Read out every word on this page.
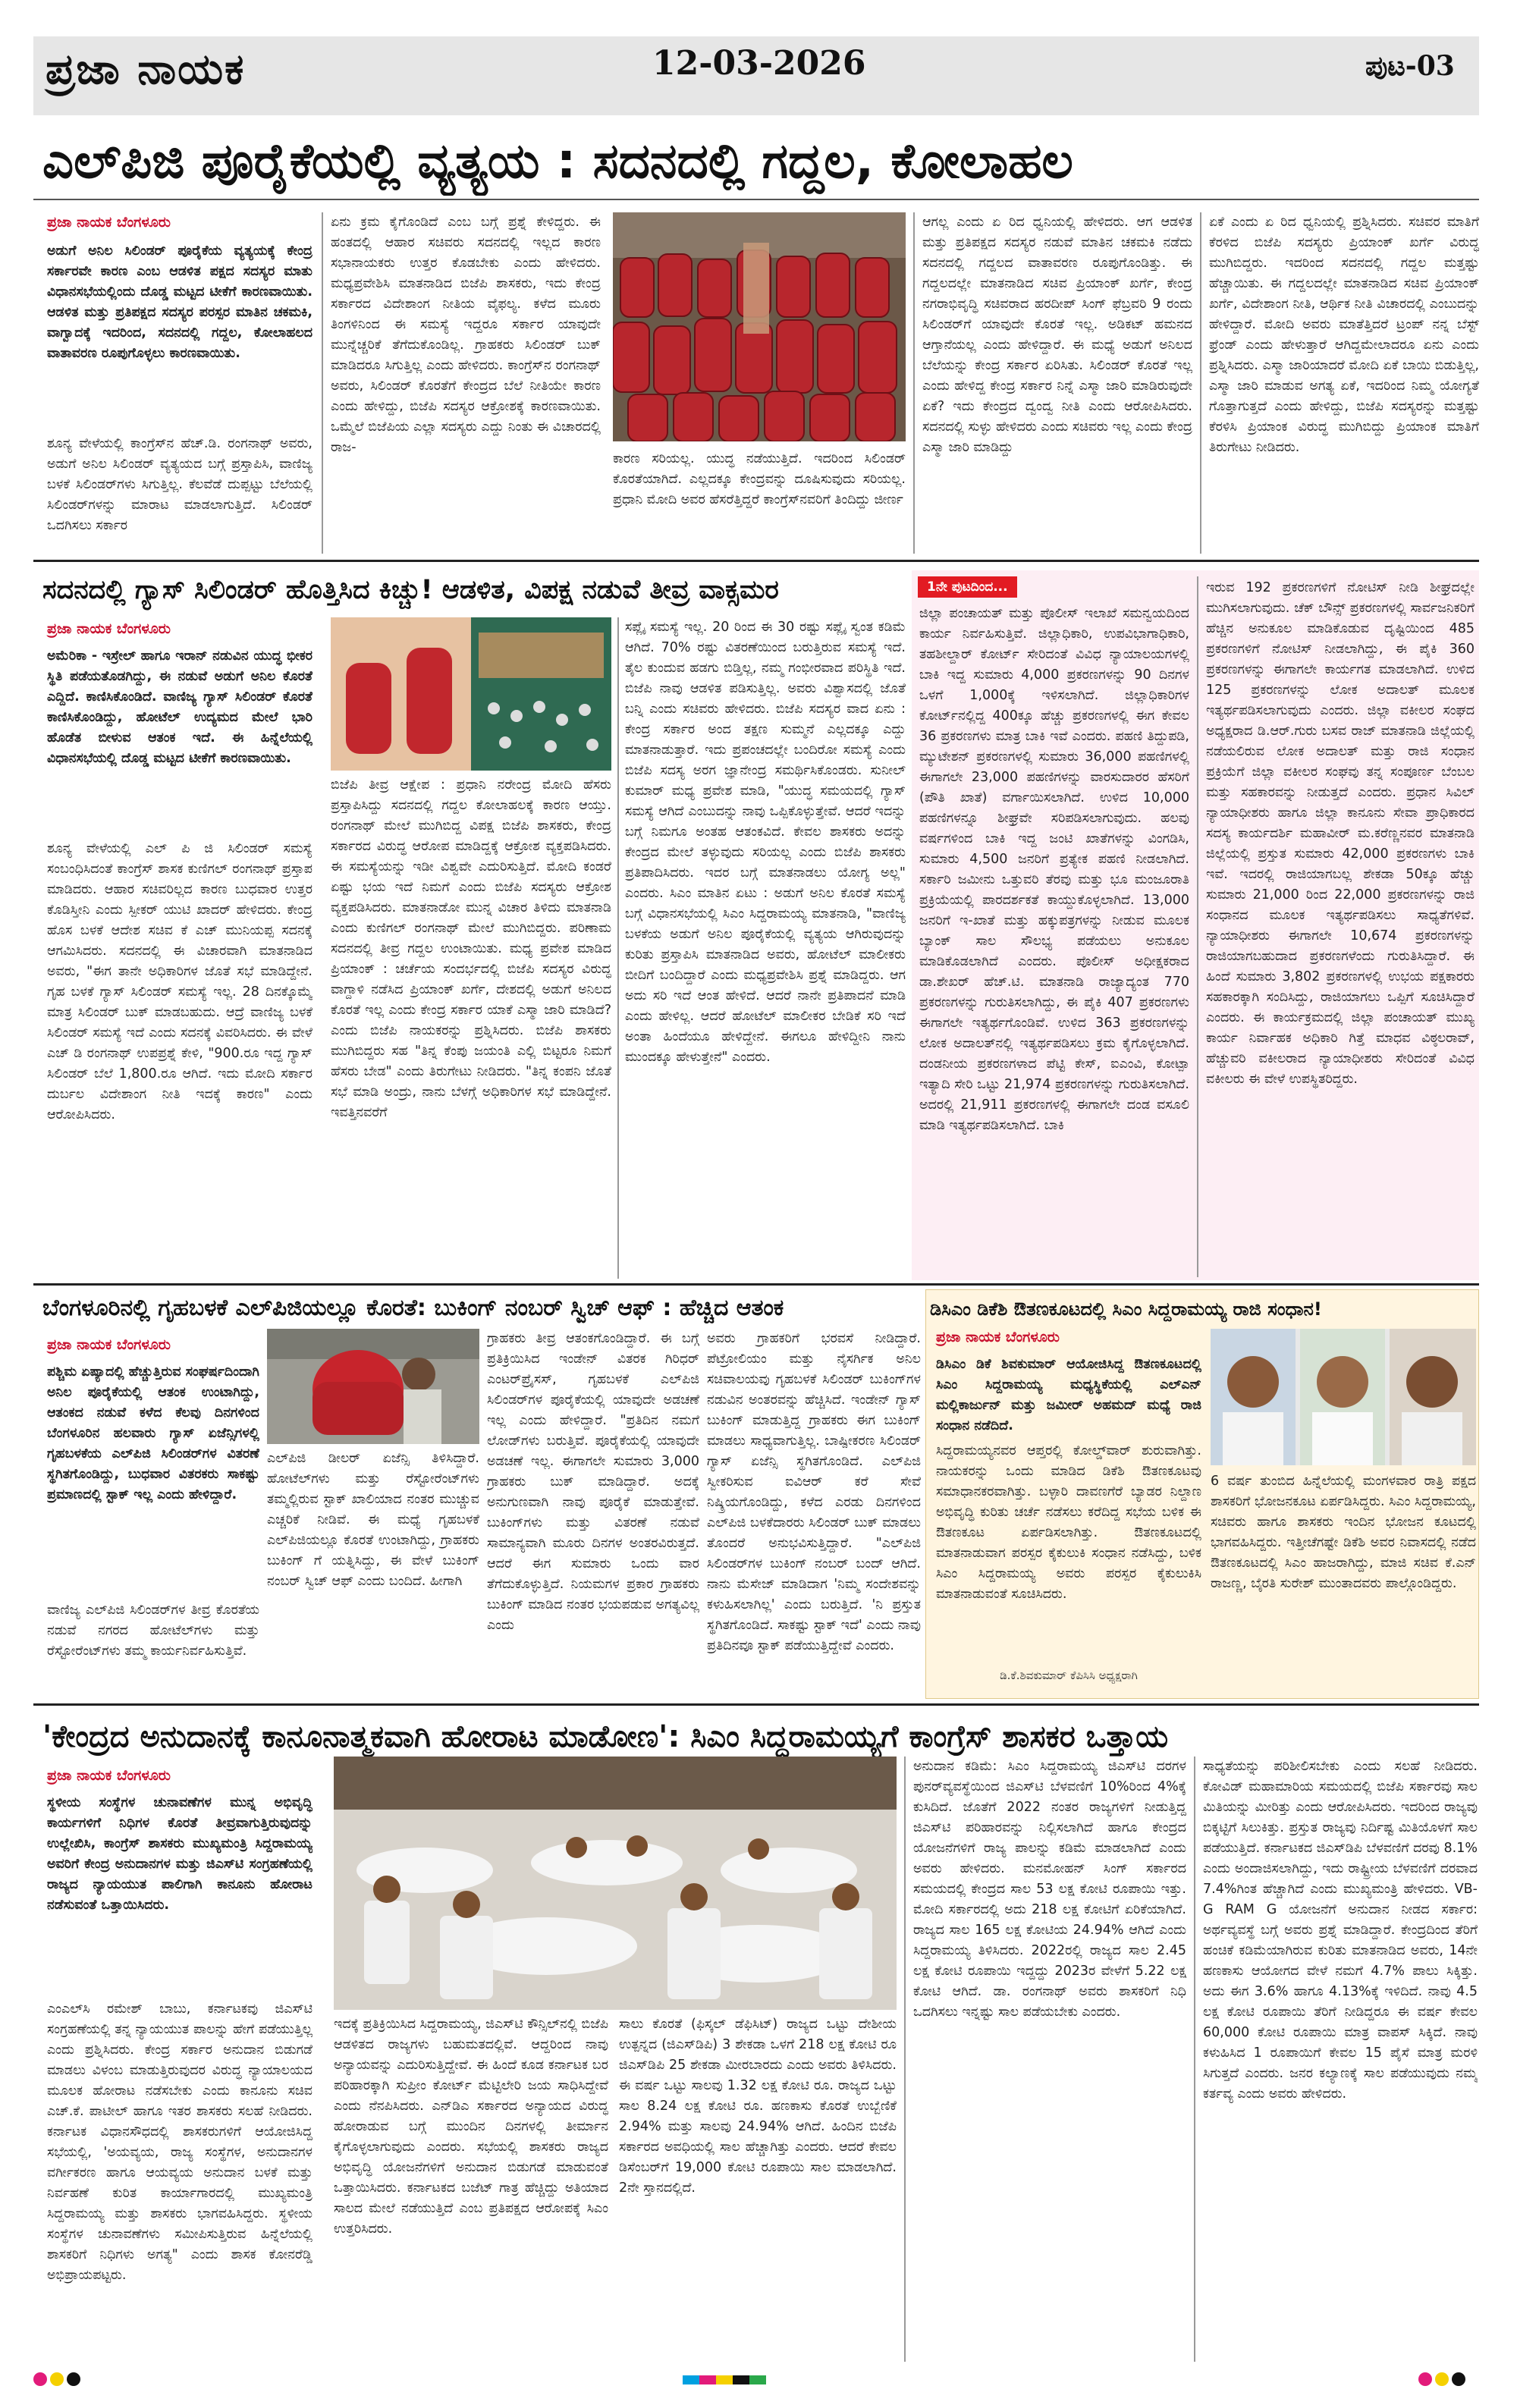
ಪ್ರಜಾ ನಾಯಕ	12-03-2026	ಪುಟ-03
ಎಲ್‌ಪಿಜಿ ಪೂರೈಕೆಯಲ್ಲಿ ವ್ಯತ್ಯಯ : ಸದನದಲ್ಲಿ ಗದ್ದಲ, ಕೋಲಾಹಲ
ಪ್ರಜಾ ನಾಯಕ ಬೆಂಗಳೂರು
ಅಡುಗೆ ಅನಿಲ ಸಿಲಿಂಡರ್ ಪೂರೈಕೆಯ ವ್ಯತ್ಯಯಕ್ಕೆ ಕೇಂದ್ರ ಸರ್ಕಾರವೇ ಕಾರಣ ಎಂಬ ಆಡಳಿತ ಪಕ್ಷದ ಸದಸ್ಯರ ಮಾತು ವಿಧಾನಸಭೆಯಲ್ಲಿಂದು ದೊಡ್ಡ ಮಟ್ಟದ ಟೀಕೆಗೆ ಕಾರಣವಾಯಿತು. ಆಡಳಿತ ಮತ್ತು ಪ್ರತಿಪಕ್ಷದ ಸದಸ್ಯರ ಪರಸ್ಪರ ಮಾತಿನ ಚಕಮಕಿ, ವಾಗ್ವಾದಕ್ಕೆ ಇದರಿಂದ, ಸದನದಲ್ಲಿ ಗದ್ದಲ, ಕೋಲಾಹಲದ ವಾತಾವರಣ ರೂಪುಗೊಳ್ಳಲು ಕಾರಣವಾಯಿತು.
ಶೂನ್ಯ ವೇಳೆಯಲ್ಲಿ ಕಾಂಗ್ರೆಸ್‌ನ ಹೆಚ್.ಡಿ. ರಂಗನಾಥ್ ಅವರು, ಅಡುಗೆ ಅನಿಲ ಸಿಲಿಂಡರ್ ವ್ಯತ್ಯಯದ ಬಗ್ಗೆ ಪ್ರಸ್ತಾಪಿಸಿ, ವಾಣಿಜ್ಯ ಬಳಕೆ ಸಿಲಿಂಡರ್‌ಗಳು ಸಿಗುತ್ತಿಲ್ಲ. ಕೆಲವೆಡೆ ದುಪ್ಪಟ್ಟು ಬೆಲೆಯಲ್ಲಿ ಸಿಲಿಂಡರ್‌ಗಳನ್ನು ಮಾರಾಟ ಮಾಡಲಾಗುತ್ತಿದೆ. ಸಿಲಿಂಡರ್ ಒದಗಿಸಲು ಸರ್ಕಾರ
ಏನು ಕ್ರಮ ಕೈಗೊಂಡಿದೆ ಎಂಬ ಬಗ್ಗೆ ಪ್ರಶ್ನೆ ಕೇಳಿದ್ದರು. ಈ ಹಂತದಲ್ಲಿ ಆಹಾರ ಸಚಿವರು ಸದನದಲ್ಲಿ ಇಲ್ಲದ ಕಾರಣ ಸಭಾನಾಯಕರು ಉತ್ತರ ಕೊಡಬೇಕು ಎಂದು ಹೇಳಿದರು. ಮಧ್ಯಪ್ರವೇಶಿಸಿ ಮಾತನಾಡಿದ ಬಿಜೆಪಿ ಶಾಸಕರು, ಇದು ಕೇಂದ್ರ ಸರ್ಕಾರದ ವಿದೇಶಾಂಗ ನೀತಿಯ ವೈಫಲ್ಯ. ಕಳೆದ ಮೂರು ತಿಂಗಳಿನಿಂದ ಈ ಸಮಸ್ಯೆ ಇದ್ದರೂ ಸರ್ಕಾರ ಯಾವುದೇ ಮುನ್ನೆಚ್ಚರಿಕೆ ತೆಗೆದುಕೊಂಡಿಲ್ಲ. ಗ್ರಾಹಕರು ಸಿಲಿಂಡರ್ ಬುಕ್ ಮಾಡಿದರೂ ಸಿಗುತ್ತಿಲ್ಲ ಎಂದು ಹೇಳಿದರು. ಕಾಂಗ್ರೆಸ್‌ನ ರಂಗನಾಥ್ ಅವರು, ಸಿಲಿಂಡರ್ ಕೊರತೆಗೆ ಕೇಂದ್ರದ ಬೆಲೆ ನೀತಿಯೇ ಕಾರಣ ಎಂದು ಹೇಳಿದ್ದು, ಬಿಜೆಪಿ ಸದಸ್ಯರ ಆಕ್ರೋಶಕ್ಕೆ ಕಾರಣವಾಯಿತು. ಒಮ್ಮೆಲೆ ಬಿಜೆಪಿಯ ಎಲ್ಲಾ ಸದಸ್ಯರು ಎದ್ದು ನಿಂತು ಈ ವಿಚಾರದಲ್ಲಿ ರಾಜ-
ಕಾರಣ ಸರಿಯಲ್ಲ. ಯುದ್ಧ ನಡೆಯುತ್ತಿದೆ. ಇದರಿಂದ ಸಿಲಿಂಡರ್ ಕೊರತೆಯಾಗಿದೆ. ಎಲ್ಲದಕ್ಕೂ ಕೇಂದ್ರವನ್ನು ದೂಷಿಸುವುದು ಸರಿಯಲ್ಲ. ಪ್ರಧಾನಿ ಮೋದಿ ಅವರ ಹೆಸರೆತ್ತಿದ್ದರೆ ಕಾಂಗ್ರೆಸ್‌ನವರಿಗೆ ತಿಂದಿದ್ದು ಜೀರ್ಣ
ಆಗಲ್ಲ ಎಂದು ಏ ರಿದ ಧ್ವನಿಯಲ್ಲಿ ಹೇಳಿದರು. ಆಗ ಆಡಳಿತ ಮತ್ತು ಪ್ರತಿಪಕ್ಷದ ಸದಸ್ಯರ ನಡುವೆ ಮಾತಿನ ಚಕಮಕಿ ನಡೆದು ಸದನದಲ್ಲಿ ಗದ್ದಲದ ವಾತಾವರಣ ರೂಪುಗೊಂಡಿತ್ತು. ಈ ಗದ್ದಲದಲ್ಲೇ ಮಾತನಾಡಿದ ಸಚಿವ ಪ್ರಿಯಾಂಕ್ ಖರ್ಗೆ, ಕೇಂದ್ರ ನಗರಾಭಿವೃದ್ಧಿ ಸಚಿವರಾದ ಹರದೀಪ್ ಸಿಂಗ್ ಫೆಬ್ರವರಿ 9 ರಂದು ಸಿಲಿಂಡರ್‌ಗೆ ಯಾವುದೇ ಕೊರತೆ ಇಲ್ಲ. ಅಡಿಕಟ್ ಹಮನದ ಆಗ್ತಾನೆಯಲ್ಲ ಎಂದು ಹೇಳಿದ್ದಾರೆ. ಈ ಮಧ್ಯೆ ಅಡುಗೆ ಅನಿಲದ ಬೆಲೆಯನ್ನು ಕೇಂದ್ರ ಸರ್ಕಾರ ಏರಿಸಿತು. ಸಿಲಿಂಡರ್ ಕೊರತೆ ಇಲ್ಲ ಎಂದು ಹೇಳಿದ್ದ ಕೇಂದ್ರ ಸರ್ಕಾರ ನಿನ್ನೆ ಎಸ್ಮಾ ಜಾರಿ ಮಾಡಿರುವುದೇ ಏಕೆ? ಇದು ಕೇಂದ್ರದ ದ್ವಂದ್ವ ನೀತಿ ಎಂದು ಆರೋಪಿಸಿದರು. ಸದನದಲ್ಲಿ ಸುಳ್ಳು ಹೇಳಿದರು ಎಂದು ಸಚಿವರು ಇಲ್ಲ ಎಂದು ಕೇಂದ್ರ ಎಸ್ಮಾ ಜಾರಿ ಮಾಡಿದ್ದು
ಏಕೆ ಎಂದು ಏ ರಿದ ಧ್ವನಿಯಲ್ಲಿ ಪ್ರಶ್ನಿಸಿದರು. ಸಚಿವರ ಮಾತಿಗೆ ಕೆರಳಿದ ಬಿಜೆಪಿ ಸದಸ್ಯರು ಪ್ರಿಯಾಂಕ್ ಖರ್ಗೆ ವಿರುದ್ಧ ಮುಗಿಬಿದ್ದರು. ಇದರಿಂದ ಸದನದಲ್ಲಿ ಗದ್ದಲ ಮತ್ತಷ್ಟು ಹೆಚ್ಚಾಯಿತು. ಈ ಗದ್ದಲದಲ್ಲೇ ಮಾತನಾಡಿದ ಸಚಿವ ಪ್ರಿಯಾಂಕ್ ಖರ್ಗೆ, ವಿದೇಶಾಂಗ ನೀತಿ, ಆರ್ಥಿಕ ನೀತಿ ವಿಚಾರದಲ್ಲಿ ಎಂಬುದನ್ನು ಹೇಳಿದ್ದಾರೆ. ಮೋದಿ ಅವರು ಮಾತೆತ್ತಿದರೆ ಟ್ರಂಪ್ ನನ್ನ ಬೆಸ್ಟ್ ಫ್ರೆಂಡ್ ಎಂದು ಹೇಳುತ್ತಾರೆ ಆಗಿದ್ದಮೇಲಾದರೂ ಏನು ಎಂದು ಪ್ರಶ್ನಿಸಿದರು. ಎಸ್ಮಾ ಜಾರಿಯಾದರೆ ಮೋದಿ ಏಕೆ ಬಾಯಿ ಬಿಡುತ್ತಿಲ್ಲ, ಎಸ್ಮಾ ಜಾರಿ ಮಾಡುವ ಅಗತ್ಯ ಏಕೆ, ಇದರಿಂದ ನಿಮ್ಮ ಯೋಗ್ಯತೆ ಗೊತ್ತಾಗುತ್ತದೆ ಎಂದು ಹೇಳಿದ್ದು, ಬಿಜೆಪಿ ಸದಸ್ಯರನ್ನು ಮತ್ತಷ್ಟು ಕೆರಳಿಸಿ ಪ್ರಿಯಾಂಕ ವಿರುದ್ಧ ಮುಗಿಬಿದ್ದು ಪ್ರಿಯಾಂಕ ಮಾತಿಗೆ ತಿರುಗೇಟು ನೀಡಿದರು.
ಸದನದಲ್ಲಿ ಗ್ಯಾಸ್ ಸಿಲಿಂಡರ್ ಹೊತ್ತಿಸಿದ ಕಿಚ್ಚು! ಆಡಳಿತ, ವಿಪಕ್ಷ ನಡುವೆ ತೀವ್ರ ವಾಕ್ಸಮರ
ಪ್ರಜಾ ನಾಯಕ ಬೆಂಗಳೂರು
ಅಮೆರಿಕಾ - ಇಸ್ರೇಲ್ ಹಾಗೂ ಇರಾನ್ ನಡುವಿನ ಯುದ್ಧ ಭೀಕರ ಸ್ಥಿತಿ ಪಡೆಯತೊಡಗಿದ್ದು, ಈ ನಡುವೆ ಅಡುಗೆ ಅನಿಲ ಕೊರತೆ ಎದ್ದಿದೆ. ಕಾಣಿಸಿಕೊಂಡಿದೆ. ವಾಣಿಜ್ಯ ಗ್ಯಾಸ್ ಸಿಲಿಂಡರ್ ಕೊರತೆ ಕಾಣಿಸಿಕೊಂಡಿದ್ದು, ಹೋಟೆಲ್ ಉದ್ಯಮದ ಮೇಲೆ ಭಾರಿ ಹೊಡೆತ ಬೀಳುವ ಆತಂಕ ಇದೆ. ಈ ಹಿನ್ನೆಲೆಯಲ್ಲಿ ವಿಧಾನಸಭೆಯಲ್ಲಿ ದೊಡ್ಡ ಮಟ್ಟದ ಟೀಕೆಗೆ ಕಾರಣವಾಯಿತು.
ಶೂನ್ಯ ವೇಳೆಯಲ್ಲಿ ಎಲ್ ಪಿ ಜಿ ಸಿಲಿಂಡರ್ ಸಮಸ್ಯೆ ಸಂಬಂಧಿಸಿದಂತೆ ಕಾಂಗ್ರೆಸ್ ಶಾಸಕ ಕುಣಿಗಲ್ ರಂಗನಾಥ್ ಪ್ರಸ್ತಾಪ ಮಾಡಿದರು. ಆಹಾರ ಸಚಿವರಿಲ್ಲದ ಕಾರಣ ಬುಧವಾರ ಉತ್ತರ ಕೊಡಿಸ್ತೀನಿ ಎಂದು ಸ್ಪೀಕರ್ ಯುಟಿ ಖಾದರ್ ಹೇಳಿದರು. ಕೇಂದ್ರ ಹೊಸ ಬಳಕೆ ಆದೇಶ ಸಚಿವ ಕೆ ಎಚ್ ಮುನಿಯಪ್ಪ ಸದನಕ್ಕೆ ಆಗಮಿಸಿದರು. ಸದನದಲ್ಲಿ ಈ ವಿಚಾರವಾಗಿ ಮಾತನಾಡಿದ ಅವರು, "ಈಗ ತಾನೇ ಅಧಿಕಾರಿಗಳ ಜೊತೆ ಸಭೆ ಮಾಡಿದ್ದೇನೆ. ಗೃಹ ಬಳಕೆ ಗ್ಯಾಸ್ ಸಿಲಿಂಡರ್ ಸಮಸ್ಯೆ ಇಲ್ಲ. 28 ದಿನಕ್ಕೊಮ್ಮೆ ಮಾತ್ರ ಸಿಲಿಂಡರ್ ಬುಕ್ ಮಾಡಬಹುದು. ಆದ್ರೆ ವಾಣಿಜ್ಯ ಬಳಕೆ ಸಿಲಿಂಡರ್ ಸಮಸ್ಯೆ ಇದೆ ಎಂದು ಸದನಕ್ಕೆ ವಿವರಿಸಿದರು. ಈ ವೇಳೆ ಎಚ್ ಡಿ ರಂಗನಾಥ್ ಉಪಪ್ರಶ್ನೆ ಕೇಳಿ, "900.ರೂ ಇದ್ದ ಗ್ಯಾಸ್ ಸಿಲಿಂಡರ್ ಬೆಲೆ 1,800.ರೂ ಆಗಿದೆ. ಇದು ಮೋದಿ ಸರ್ಕಾರ ದುರ್ಬಲ ವಿದೇಶಾಂಗ ನೀತಿ ಇದಕ್ಕೆ ಕಾರಣ" ಎಂದು ಆರೋಪಿಸಿದರು.
ಬಿಜೆಪಿ ತೀವ್ರ ಆಕ್ಷೇಪ : ಪ್ರಧಾನಿ ನರೇಂದ್ರ ಮೋದಿ ಹೆಸರು ಪ್ರಸ್ತಾಪಿಸಿದ್ದು ಸದನದಲ್ಲಿ ಗದ್ದಲ ಕೋಲಾಹಲಕ್ಕೆ ಕಾರಣ ಆಯ್ತು. ರಂಗನಾಥ್ ಮೇಲೆ ಮುಗಿಬಿದ್ದ ವಿಪಕ್ಷ ಬಿಜೆಪಿ ಶಾಸಕರು, ಕೇಂದ್ರ ಸರ್ಕಾರದ ವಿರುದ್ಧ ಆರೋಪ ಮಾಡಿದ್ದಕ್ಕೆ ಆಕ್ರೋಶ ವ್ಯಕ್ತಪಡಿಸಿದರು. ಈ ಸಮಸ್ಯೆಯನ್ನು ಇಡೀ ವಿಶ್ವವೇ ಎದುರಿಸುತ್ತಿದೆ. ಮೋದಿ ಕಂಡರೆ ಏಷ್ಟು ಭಯ ಇದೆ ನಿಮಗೆ ಎಂದು ಬಿಜೆಪಿ ಸದಸ್ಯರು ಆಕ್ರೋಶ ವ್ಯಕ್ತಪಡಿಸಿದರು. ಮಾತನಾಡೋ ಮುನ್ನ ವಿಚಾರ ತಿಳಿದು ಮಾತನಾಡಿ ಎಂದು ಕುಣಿಗಲ್ ರಂಗನಾಥ್ ಮೇಲೆ ಮುಗಿಬಿದ್ದರು. ಪರಿಣಾಮ ಸದನದಲ್ಲಿ ತೀವ್ರ ಗದ್ದಲ ಉಂಟಾಯಿತು. ಮಧ್ಯ ಪ್ರವೇಶ ಮಾಡಿದ ಪ್ರಿಯಾಂಕ್ : ಚರ್ಚೆಯ ಸಂದರ್ಭದಲ್ಲಿ ಬಿಜೆಪಿ ಸದಸ್ಯರ ವಿರುದ್ಧ ವಾಗ್ದಾಳಿ ನಡೆಸಿದ ಪ್ರಿಯಾಂಕ್ ಖರ್ಗೆ, ದೇಶದಲ್ಲಿ ಅಡುಗೆ ಅನಿಲದ ಕೊರತೆ ಇಲ್ಲ ಎಂದು ಕೇಂದ್ರ ಸರ್ಕಾರ ಯಾಕೆ ಎಸ್ಮಾ ಜಾರಿ ಮಾಡಿದೆ? ಎಂದು ಬಿಜೆಪಿ ನಾಯಕರನ್ನು ಪ್ರಶ್ನಿಸಿದರು. ಬಿಜೆಪಿ ಶಾಸಕರು ಮುಗಿಬಿದ್ದರು ಸಹ "ತಿನ್ನ ಕೆಂಪು ಜಯಂತಿ ಎಲ್ಲಿ ಬಿಟ್ಟರೂ ನಿಮಗೆ ಹೆಸರು ಬೇಡ" ಎಂದು ತಿರುಗೇಟು ನೀಡಿದರು. "ತಿನ್ನ ಕಂಪನಿ ಜೊತೆ ಸಭೆ ಮಾಡಿ ಅಂದ್ರು, ನಾನು ಬೆಳಗ್ಗೆ ಅಧಿಕಾರಿಗಳ ಸಭೆ ಮಾಡಿದ್ದೇನೆ. ಇವತ್ತಿನವರೆಗೆ
ಸಪ್ಲೈ ಸಮಸ್ಯೆ ಇಲ್ಲ. 20 ರಿಂದ ಈ 30 ರಷ್ಟು ಸಪ್ಲೈ ಸ್ವಂತ ಕಡಿಮೆ ಆಗಿದೆ. 70% ರಷ್ಟು ವಿತರಣೆಯಿಂದ ಬರುತ್ತಿರುವ ಸಮಸ್ಯೆ ಇದೆ. ತೈಲ ಕುಂದುವ ಹಡಗು ಬಿಡ್ತಿಲ್ಲ, ನಮ್ಮ ಗಂಭೀರವಾದ ಪರಿಸ್ಥಿತಿ ಇದೆ. ಬಿಜೆಪಿ ನಾವು ಆಡಳಿತ ಪಡಿಸುತ್ತಿಲ್ಲ. ಅವರು ವಿಶ್ವಾಸದಲ್ಲಿ ಜೊತೆ ಬನ್ನಿ ಎಂದು ಸಚಿವರು ಹೇಳಿದರು. ಬಿಜೆಪಿ ಸದಸ್ಯರ ವಾದ ಏನು : ಕೇಂದ್ರ ಸರ್ಕಾರ ಅಂದ ತಕ್ಷಣ ಸುಮ್ಮನೆ ಎಲ್ಲದಕ್ಕೂ ಎದ್ದು ಮಾತನಾಡುತ್ತಾರೆ. ಇದು ಪ್ರಪಂಚದಲ್ಲೇ ಬಂದಿರೋ ಸಮಸ್ಯೆ ಎಂದು ಬಿಜೆಪಿ ಸದಸ್ಯ ಅರಗ ಜ್ಞಾನೇಂದ್ರ ಸಮರ್ಥಿಸಿಕೊಂಡರು. ಸುನೀಲ್ ಕುಮಾರ್ ಮಧ್ಯ ಪ್ರವೇಶ ಮಾಡಿ, "ಯುದ್ಧ ಸಮಯದಲ್ಲಿ ಗ್ಯಾಸ್ ಸಮಸ್ಯೆ ಆಗಿದೆ ಎಂಬುದನ್ನು ನಾವು ಒಪ್ಪಿಕೊಳ್ಳುತ್ತೇವೆ. ಆದರೆ ಇದನ್ನು ಬಗ್ಗೆ ನಿಮಗೂ ಅಂತಹ ಆತಂಕವಿದೆ. ಕೇವಲ ಶಾಸಕರು ಅದನ್ನು ಕೇಂದ್ರದ ಮೇಲೆ ತಳ್ಳುವುದು ಸರಿಯಲ್ಲ ಎಂದು ಬಿಜೆಪಿ ಶಾಸಕರು ಪ್ರತಿಪಾದಿಸಿದರು. ಇದರ ಬಗ್ಗೆ ಮಾತನಾಡಲು ಯೋಗ್ಯ ಅಲ್ಲ" ಎಂದರು. ಸಿಎಂ ಮಾತಿನ ಏಟು : ಅಡುಗೆ ಅನಿಲ ಕೊರತೆ ಸಮಸ್ಯೆ ಬಗ್ಗೆ ವಿಧಾನಸಭೆಯಲ್ಲಿ ಸಿಎಂ ಸಿದ್ದರಾಮಯ್ಯ ಮಾತನಾಡಿ, "ವಾಣಿಜ್ಯ ಬಳಕೆಯ ಅಡುಗೆ ಅನಿಲ ಪೂರೈಕೆಯಲ್ಲಿ ವ್ಯತ್ಯಯ ಆಗಿರುವುದನ್ನು ಕುರಿತು ಪ್ರಸ್ತಾಪಿಸಿ ಮಾತನಾಡಿದ ಅವರು, ಹೋಟೆಲ್ ಮಾಲೀಕರು ಬೀದಿಗೆ ಬಂದಿದ್ದಾರೆ ಎಂದು ಮಧ್ಯಪ್ರವೇಶಿಸಿ ಪ್ರಶ್ನೆ ಮಾಡಿದ್ದರು. ಆಗ ಅದು ಸರಿ ಇದೆ ಆಂತ ಹೇಳಿದೆ. ಆದರೆ ನಾನೇ ಪ್ರತಿಪಾದನೆ ಮಾಡಿ ಎಂದು ಹೇಳಿಲ್ಲ. ಆದರೆ ಹೋಟೆಲ್ ಮಾಲೀಕರ ಬೇಡಿಕೆ ಸರಿ ಇದೆ ಅಂತಾ ಹಿಂದೆಯೂ ಹೇಳಿದ್ದೇನೆ. ಈಗಲೂ ಹೇಳಿದ್ದೀನಿ ನಾನು ಮುಂದಕ್ಕೂ ಹೇಳುತ್ತೇನೆ" ಎಂದರು.
1ನೇ ಪುಟದಿಂದ...
ಜಿಲ್ಲಾ ಪಂಚಾಯತ್ ಮತ್ತು ಪೊಲೀಸ್ ಇಲಾಖೆ ಸಮನ್ವಯದಿಂದ ಕಾರ್ಯ ನಿರ್ವಹಿಸುತ್ತಿವೆ. ಜಿಲ್ಲಾಧಿಕಾರಿ, ಉಪವಿಭಾಗಾಧಿಕಾರಿ, ತಹಶೀಲ್ದಾರ್ ಕೋರ್ಟ್ ಸೇರಿದಂತೆ ವಿವಿಧ ನ್ಯಾಯಾಲಯಗಳಲ್ಲಿ ಬಾಕಿ ಇದ್ದ ಸುಮಾರು 4,000 ಪ್ರಕರಣಗಳನ್ನು 90 ದಿನಗಳ ಒಳಗೆ 1,000ಕ್ಕೆ ಇಳಿಸಲಾಗಿದೆ. ಜಿಲ್ಲಾಧಿಕಾರಿಗಳ ಕೋರ್ಟ್‌ನಲ್ಲಿದ್ದ 400ಕ್ಕೂ ಹೆಚ್ಚು ಪ್ರಕರಣಗಳಲ್ಲಿ ಈಗ ಕೇವಲ 36 ಪ್ರಕರಣಗಳು ಮಾತ್ರ ಬಾಕಿ ಇವೆ ಎಂದರು. ಪಹಣಿ ತಿದ್ದುಪಡಿ, ಮ್ಯುಟೇಶನ್ ಪ್ರಕರಣಗಳಲ್ಲಿ ಸುಮಾರು 36,000 ಪಹಣಿಗಳಲ್ಲಿ ಈಗಾಗಲೇ 23,000 ಪಹಣಿಗಳನ್ನು ವಾರಸುದಾರರ ಹೆಸರಿಗೆ (ಪೌತಿ ಖಾತೆ) ವರ್ಗಾಯಿಸಲಾಗಿದೆ. ಉಳಿದ 10,000 ಪಹಣಿಗಳನ್ನೂ ಶೀಘ್ರವೇ ಸರಿಪಡಿಸಲಾಗುವುದು. ಹಲವು ವರ್ಷಗಳಿಂದ ಬಾಕಿ ಇದ್ದ ಜಂಟಿ ಖಾತೆಗಳನ್ನು ವಿಂಗಡಿಸಿ, ಸುಮಾರು 4,500 ಜನರಿಗೆ ಪ್ರತ್ಯೇಕ ಪಹಣಿ ನೀಡಲಾಗಿದೆ. ಸರ್ಕಾರಿ ಜಮೀನು ಒತ್ತುವರಿ ತೆರವು ಮತ್ತು ಭೂ ಮಂಜೂರಾತಿ ಪ್ರಕ್ರಿಯೆಯಲ್ಲಿ ಪಾರದರ್ಶಕತೆ ಕಾಯ್ದುಕೊಳ್ಳಲಾಗಿದೆ. 13,000 ಜನರಿಗೆ ಇ-ಖಾತೆ ಮತ್ತು ಹಕ್ಕುಪತ್ರಗಳನ್ನು ನೀಡುವ ಮೂಲಕ ಬ್ಯಾಂಕ್ ಸಾಲ ಸೌಲಭ್ಯ ಪಡೆಯಲು ಅನುಕೂಲ ಮಾಡಿಕೊಡಲಾಗಿದೆ ಎಂದರು. ಪೊಲೀಸ್ ಅಧೀಕ್ಷಕರಾದ ಡಾ.ಶೇಖರ್ ಹೆಚ್.ಟಿ. ಮಾತನಾಡಿ ರಾಜ್ಯಾದ್ಯಂತ 770 ಪ್ರಕರಣಗಳನ್ನು ಗುರುತಿಸಲಾಗಿದ್ದು, ಈ ಪೈಕಿ 407 ಪ್ರಕರಣಗಳು ಈಗಾಗಲೇ ಇತ್ಯರ್ಥಗೊಂಡಿವೆ. ಉಳಿದ 363 ಪ್ರಕರಣಗಳನ್ನು ಲೋಕ ಅದಾಲತ್‌ನಲ್ಲಿ ಇತ್ಯರ್ಥಪಡಿಸಲು ಕ್ರಮ ಕೈಗೊಳ್ಳಲಾಗಿದೆ. ದಂಡನೀಯ ಪ್ರಕರಣಗಳಾದ ಪೆಟ್ಟಿ ಕೇಸ್, ಐಎಂವಿ, ಕೋಟ್ಪಾ ಇತ್ಯಾದಿ ಸೇರಿ ಒಟ್ಟು 21,974 ಪ್ರಕರಣಗಳನ್ನು ಗುರುತಿಸಲಾಗಿದೆ. ಅದರಲ್ಲಿ 21,911 ಪ್ರಕರಣಗಳಲ್ಲಿ ಈಗಾಗಲೇ ದಂಡ ವಸೂಲಿ ಮಾಡಿ ಇತ್ಯರ್ಥಪಡಿಸಲಾಗಿದೆ. ಬಾಕಿ
ಇರುವ 192 ಪ್ರಕರಣಗಳಿಗೆ ನೋಟಿಸ್ ನೀಡಿ ಶೀಘ್ರದಲ್ಲೇ ಮುಗಿಸಲಾಗುವುದು. ಚೆಕ್ ಬೌನ್ಸ್ ಪ್ರಕರಣಗಳಲ್ಲಿ ಸಾರ್ವಜನಿಕರಿಗೆ ಹೆಚ್ಚಿನ ಅನುಕೂಲ ಮಾಡಿಕೊಡುವ ದೃಷ್ಟಿಯಿಂದ 485 ಪ್ರಕರಣಗಳಿಗೆ ನೋಟಿಸ್ ನೀಡಲಾಗಿದ್ದು, ಈ ಪೈಕಿ 360 ಪ್ರಕರಣಗಳನ್ನು ಈಗಾಗಲೇ ಕಾರ್ಯಗತ ಮಾಡಲಾಗಿದೆ. ಉಳಿದ 125 ಪ್ರಕರಣಗಳನ್ನು ಲೋಕ ಅದಾಲತ್ ಮೂಲಕ ಇತ್ಯರ್ಥಪಡಿಸಲಾಗುವುದು ಎಂದರು. ಜಿಲ್ಲಾ ವಕೀಲರ ಸಂಘದ ಅಧ್ಯಕ್ಷರಾದ ಡಿ.ಆರ್.ಗುರು ಬಸವ ರಾಜ್ ಮಾತನಾಡಿ ಜಿಲ್ಲೆಯಲ್ಲಿ ನಡೆಯಲಿರುವ ಲೋಕ ಅದಾಲತ್ ಮತ್ತು ರಾಜಿ ಸಂಧಾನ ಪ್ರಕ್ರಿಯೆಗೆ ಜಿಲ್ಲಾ ವಕೀಲರ ಸಂಘವು ತನ್ನ ಸಂಪೂರ್ಣ ಬೆಂಬಲ ಮತ್ತು ಸಹಕಾರವನ್ನು ನೀಡುತ್ತದೆ ಎಂದರು. ಪ್ರಧಾನ ಸಿವಿಲ್ ನ್ಯಾಯಾಧೀಶರು ಹಾಗೂ ಜಿಲ್ಲಾ ಕಾನೂನು ಸೇವಾ ಪ್ರಾಧಿಕಾರದ ಸದಸ್ಯ ಕಾರ್ಯದರ್ಶಿ ಮಹಾವೀರ್ ಮ.ಕರೆಣ್ಣನವರ ಮಾತನಾಡಿ ಜಿಲ್ಲೆಯಲ್ಲಿ ಪ್ರಸ್ತುತ ಸುಮಾರು 42,000 ಪ್ರಕರಣಗಳು ಬಾಕಿ ಇವೆ. ಇದರಲ್ಲಿ ರಾಜಿಯಾಗಬಲ್ಲ ಶೇಕಡಾ 50ಕ್ಕೂ ಹೆಚ್ಚು ಸುಮಾರು 21,000 ರಿಂದ 22,000 ಪ್ರಕರಣಗಳನ್ನು ರಾಜಿ ಸಂಧಾನದ ಮೂಲಕ ಇತ್ಯರ್ಥಪಡಿಸಲು ಸಾಧ್ಯತೆಗಳಿವೆ. ನ್ಯಾಯಾಧೀಶರು ಈಗಾಗಲೇ 10,674 ಪ್ರಕರಣಗಳನ್ನು ರಾಜಿಯಾಗಬಹುದಾದ ಪ್ರಕರಣಗಳೆಂದು ಗುರುತಿಸಿದ್ದಾರೆ. ಈ ಹಿಂದೆ ಸುಮಾರು 3,802 ಪ್ರಕರಣಗಳಲ್ಲಿ ಉಭಯ ಪಕ್ಷಕಾರರು ಸಹಕಾರಕ್ಕಾಗಿ ಸಂದಿಸಿದ್ದು, ರಾಜಿಯಾಗಲು ಒಪ್ಪಿಗೆ ಸೂಚಿಸಿದ್ದಾರೆ ಎಂದರು. ಈ ಕಾರ್ಯಕ್ರಮದಲ್ಲಿ ಜಿಲ್ಲಾ ಪಂಚಾಯತ್ ಮುಖ್ಯ ಕಾರ್ಯ ನಿರ್ವಾಹಕ ಅಧಿಕಾರಿ ಗಿತ್ತೆ ಮಾಧವ ವಿಠ್ಠಲರಾವ್, ಹೆಚ್ಚುವರಿ ವಕೀಲರಾದ ನ್ಯಾಯಾಧೀಶರು ಸೇರಿದಂತೆ ವಿವಿಧ ವಕೀಲರು ಈ ವೇಳೆ ಉಪಸ್ಥಿತರಿದ್ದರು.
ಬೆಂಗಳೂರಿನಲ್ಲಿ ಗೃಹಬಳಕೆ ಎಲ್‌ಪಿಜಿಯಲ್ಲೂ ಕೊರತೆ: ಬುಕಿಂಗ್ ನಂಬರ್ ಸ್ವಿಚ್ ಆಫ್ : ಹೆಚ್ಚಿದ ಆತಂಕ
ಪ್ರಜಾ ನಾಯಕ ಬೆಂಗಳೂರು
ಪಶ್ಚಿಮ ಏಷ್ಯಾದಲ್ಲಿ ಹೆಚ್ಚುತ್ತಿರುವ ಸಂಘರ್ಷದಿಂದಾಗಿ ಅನಿಲ ಪೂರೈಕೆಯಲ್ಲಿ ಆತಂಕ ಉಂಟಾಗಿದ್ದು, ಆತಂಕದ ನಡುವೆ ಕಳೆದ ಕೆಲವು ದಿನಗಳಿಂದ ಬೆಂಗಳೂರಿನ ಹಲವಾರು ಗ್ಯಾಸ್ ಏಜೆನ್ಸಿಗಳಲ್ಲಿ ಗೃಹಬಳಕೆಯ ಎಲ್‌ಪಿಜಿ ಸಿಲಿಂಡರ್‌ಗಳ ವಿತರಣೆ ಸ್ಥಗಿತಗೊಂಡಿದ್ದು, ಬುಧವಾರ ವಿತರಕರು ಸಾಕಷ್ಟು ಪ್ರಮಾಣದಲ್ಲಿ ಸ್ಟಾಕ್ ಇಲ್ಲ ಎಂದು ಹೇಳಿದ್ದಾರೆ.
ವಾಣಿಜ್ಯ ಎಲ್‌ಪಿಜಿ ಸಿಲಿಂಡರ್‌ಗಳ ತೀವ್ರ ಕೊರತೆಯ ನಡುವೆ ನಗರದ ಹೋಟೆಲ್‌ಗಳು ಮತ್ತು ರೆಸ್ಟೋರೆಂಟ್‌ಗಳು ತಮ್ಮ ಕಾರ್ಯನಿರ್ವಹಿಸುತ್ತಿವೆ.
ಎಲ್‌ಪಿಜಿ ಡೀಲರ್ ಏಜೆನ್ಸಿ ತಿಳಿಸಿದ್ದಾರೆ. ಹೋಟೆಲ್‌ಗಳು ಮತ್ತು ರೆಸ್ಟೋರೆಂಟ್‌ಗಳು ತಮ್ಮಲ್ಲಿರುವ ಸ್ಟಾಕ್ ಖಾಲಿಯಾದ ನಂತರ ಮುಚ್ಚುವ ಎಚ್ಚರಿಕೆ ನೀಡಿವೆ. ಈ ಮಧ್ಯೆ ಗೃಹಬಳಕೆ ಎಲ್‌ಪಿಜಿಯಲ್ಲೂ ಕೊರತೆ ಉಂಟಾಗಿದ್ದು, ಗ್ರಾಹಕರು ಬುಕಿಂಗ್ ಗೆ ಯತ್ನಿಸಿದ್ದು, ಈ ವೇಳೆ ಬುಕಿಂಗ್ ನಂಬರ್ ಸ್ವಿಚ್ ಆಫ್ ಎಂದು ಬಂದಿದೆ. ಹೀಗಾಗಿ
ಗ್ರಾಹಕರು ತೀವ್ರ ಆತಂಕಗೊಂಡಿದ್ದಾರೆ. ಈ ಬಗ್ಗೆ ಪ್ರತಿಕ್ರಿಯಿಸಿದ ಇಂಡೇನ್ ವಿತರಕ ಗಿರಿಧರ್ ಎಂಟರ್‌ಪ್ರೈಸಸ್, ಗೃಹಬಳಕೆ ಎಲ್‌ಪಿಜಿ ಸಿಲಿಂಡರ್‌ಗಳ ಪೂರೈಕೆಯಲ್ಲಿ ಯಾವುದೇ ಅಡಚಣೆ ಇಲ್ಲ ಎಂದು ಹೇಳಿದ್ದಾರೆ. "ಪ್ರತಿದಿನ ನಮಗೆ ಲೋಡ್‌ಗಳು ಬರುತ್ತಿವೆ. ಪೂರೈಕೆಯಲ್ಲಿ ಯಾವುದೇ ಅಡಚಣೆ ಇಲ್ಲ. ಈಗಾಗಲೇ ಸುಮಾರು 3,000 ಗ್ರಾಹಕರು ಬುಕ್ ಮಾಡಿದ್ದಾರೆ. ಅದಕ್ಕೆ ಅನುಗುಣವಾಗಿ ನಾವು ಪೂರೈಕೆ ಮಾಡುತ್ತೇವೆ. ಬುಕಿಂಗ್‌ಗಳು ಮತ್ತು ವಿತರಣೆ ನಡುವೆ ಸಾಮಾನ್ಯವಾಗಿ ಮೂರು ದಿನಗಳ ಅಂತರವಿರುತ್ತದೆ. ಆದರೆ ಈಗ ಸುಮಾರು ಒಂದು ವಾರ ತೆಗೆದುಕೊಳ್ಳುತ್ತಿದೆ. ನಿಯಮಗಳ ಪ್ರಕಾರ ಗ್ರಾಹಕರು ಬುಕಿಂಗ್ ಮಾಡಿದ ನಂತರ ಭಯಪಡುವ ಅಗತ್ಯವಿಲ್ಲ ಎಂದು
ಅವರು ಗ್ರಾಹಕರಿಗೆ ಭರವಸೆ ನೀಡಿದ್ದಾರೆ. ಪೆಟ್ರೋಲಿಯಂ ಮತ್ತು ನೈಸರ್ಗಿಕ ಅನಿಲ ಸಚಿವಾಲಯವು ಗೃಹಬಳಕೆ ಸಿಲಿಂಡರ್ ಬುಕಿಂಗ್‌ಗಳ ನಡುವಿನ ಅಂತರವನ್ನು ಹೆಚ್ಚಿಸಿದೆ. ಇಂಡೇನ್ ಗ್ಯಾಸ್ ಬುಕಿಂಗ್ ಮಾಡುತ್ತಿದ್ದ ಗ್ರಾಹಕರು ಈಗ ಬುಕಿಂಗ್ ಮಾಡಲು ಸಾಧ್ಯವಾಗುತ್ತಿಲ್ಲ. ಬಾಷ್ಪೀಕರಣ ಸಿಲಿಂಡರ್ ಗ್ಯಾಸ್ ಏಜೆನ್ಸಿ ಸ್ಥಗಿತಗೊಂಡಿದೆ. ಎಲ್‌ಪಿಜಿ ಸ್ವೀಕರಿಸುವ ಐವಿಆರ್ ಕರೆ ಸೇವೆ ನಿಷ್ಕ್ರಿಯಗೊಂಡಿದ್ದು, ಕಳೆದ ಎರಡು ದಿನಗಳಿಂದ ಎಲ್‌ಪಿಜಿ ಬಳಕೆದಾರರು ಸಿಲಿಂಡರ್ ಬುಕ್ ಮಾಡಲು ತೊಂದರೆ ಅನುಭವಿಸುತ್ತಿದ್ದಾರೆ. "ಎಲ್‌ಪಿಜಿ ಸಿಲಿಂಡರ್‌ಗಳ ಬುಕಿಂಗ್ ನಂಬರ್ ಬಂದ್ ಆಗಿದೆ. ನಾನು ಮೆಸೇಜ್ ಮಾಡಿದಾಗ 'ನಿಮ್ಮ ಸಂದೇಶವನ್ನು ಕಳುಹಿಸಲಾಗಿಲ್ಲ' ಎಂದು ಬರುತ್ತಿದೆ. 'ನಿ ಪ್ರಸ್ತುತ ಸ್ಥಗಿತಗೊಂಡಿದೆ. ಸಾಕಷ್ಟು ಸ್ಟಾಕ್ ಇದೆ' ಎಂದು ನಾವು ಪ್ರತಿದಿನವೂ ಸ್ಟಾಕ್ ಪಡೆಯುತ್ತಿದ್ದೇವೆ ಎಂದರು.
ಡಿಸಿಎಂ ಡಿಕೆಶಿ ಔತಣಕೂಟದಲ್ಲಿ ಸಿಎಂ ಸಿದ್ದರಾಮಯ್ಯ ರಾಜಿ ಸಂಧಾನ!
ಪ್ರಜಾ ನಾಯಕ ಬೆಂಗಳೂರು
ಡಿಸಿಎಂ ಡಿಕೆ ಶಿವಕುಮಾರ್ ಆಯೋಜಿಸಿದ್ದ ಔತಣಕೂಟದಲ್ಲಿ ಸಿಎಂ ಸಿದ್ದರಾಮಯ್ಯ ಮಧ್ಯಸ್ಥಿಕೆಯಲ್ಲಿ ಎಲ್‌ಎನ್ ಮಲ್ಲಿಕಾರ್ಜುನ್ ಮತ್ತು ಜಮೀರ್ ಅಹಮದ್ ಮಧ್ಯೆ ರಾಜಿ ಸಂಧಾನ ನಡೆದಿದೆ.
ಸಿದ್ದರಾಮಯ್ಯನವರ ಆಪ್ತರಲ್ಲಿ ಕೋಲ್ಡ್‌ವಾರ್ ಶುರುವಾಗಿತ್ತು. ನಾಯಕರನ್ನು ಒಂದು ಮಾಡಿದ ಡಿಕೆಶಿ ಔತಣಕೂಟವು ಸಮಾಧಾನಕರವಾಗಿತ್ತು. ಬಳ್ಳಾರಿ ದಾವಣಗೆರೆ ಬ್ಯಾಡರ ನಿಲ್ದಾಣ ಅಭಿವೃದ್ಧಿ ಕುರಿತು ಚರ್ಚೆ ನಡೆಸಲು ಕರೆದಿದ್ದ ಸಭೆಯ ಬಳಿಕ ಈ ಔತಣಕೂಟ ಏರ್ಪಡಿಸಲಾಗಿತ್ತು. ಔತಣಕೂಟದಲ್ಲಿ ಮಾತನಾಡುವಾಗ ಪರಸ್ಪರ ಕೈಕುಲುಕಿ ಸಂಧಾನ ನಡೆಸಿದ್ದು, ಬಳಿಕ ಸಿಎಂ ಸಿದ್ದರಾಮಯ್ಯ ಅವರು ಪರಸ್ಪರ ಕೈಕುಲುಕಿಸಿ ಮಾತನಾಡುವಂತೆ ಸೂಚಿಸಿದರು.
ಡಿ.ಕೆ.ಶಿವಕುಮಾರ್ ಕೆಪಿಸಿಸಿ ಅಧ್ಯಕ್ಷರಾಗಿ
6 ವರ್ಷ ತುಂಬಿದ ಹಿನ್ನೆಲೆಯಲ್ಲಿ ಮಂಗಳವಾರ ರಾತ್ರಿ ಪಕ್ಷದ ಶಾಸಕರಿಗೆ ಭೋಜನಕೂಟ ಏರ್ಪಡಿಸಿದ್ದರು. ಸಿಎಂ ಸಿದ್ದರಾಮಯ್ಯ, ಸಚಿವರು ಹಾಗೂ ಶಾಸಕರು ಇಂದಿನ ಭೋಜನ ಕೂಟದಲ್ಲಿ ಭಾಗವಹಿಸಿದ್ದರು. ಇತ್ತೀಚೆಗಷ್ಟೇ ಡಿಕೆಶಿ ಅವರ ನಿವಾಸದಲ್ಲಿ ನಡೆದ ಔತಣಕೂಟದಲ್ಲಿ ಸಿಎಂ ಹಾಜರಾಗಿದ್ದು, ಮಾಜಿ ಸಚಿವ ಕೆ.ಎನ್ ರಾಜಣ್ಣ, ಬೈರತಿ ಸುರೇಶ್ ಮುಂತಾದವರು ಪಾಲ್ಗೊಂಡಿದ್ದರು.
'ಕೇಂದ್ರದ ಅನುದಾನಕ್ಕೆ ಕಾನೂನಾತ್ಮಕವಾಗಿ ಹೋರಾಟ ಮಾಡೋಣ': ಸಿಎಂ ಸಿದ್ದರಾಮಯ್ಯಗೆ ಕಾಂಗ್ರೆಸ್ ಶಾಸಕರ ಒತ್ತಾಯ
ಪ್ರಜಾ ನಾಯಕ ಬೆಂಗಳೂರು
ಸ್ಥಳೀಯ ಸಂಸ್ಥೆಗಳ ಚುನಾವಣೆಗಳ ಮುನ್ನ ಅಭಿವೃದ್ಧಿ ಕಾರ್ಯಗಳಿಗೆ ನಿಧಿಗಳ ಕೊರತೆ ತೀವ್ರವಾಗುತ್ತಿರುವುದನ್ನು ಉಲ್ಲೇಖಿಸಿ, ಕಾಂಗ್ರೆಸ್ ಶಾಸಕರು ಮುಖ್ಯಮಂತ್ರಿ ಸಿದ್ದರಾಮಯ್ಯ ಅವರಿಗೆ ಕೇಂದ್ರ ಅನುದಾನಗಳ ಮತ್ತು ಜಿಎಸ್‌ಟಿ ಸಂಗ್ರಹಣೆಯಲ್ಲಿ ರಾಜ್ಯದ ನ್ಯಾಯಯುತ ಪಾಲಿಗಾಗಿ ಕಾನೂನು ಹೋರಾಟ ನಡೆಸುವಂತೆ ಒತ್ತಾಯಿಸಿದರು.
ಎಂಎಲ್‌ಸಿ ರಮೇಶ್ ಬಾಬು, ಕರ್ನಾಟಕವು ಜಿಎಸ್‌ಟಿ ಸಂಗ್ರಹಣೆಯಲ್ಲಿ ತನ್ನ ನ್ಯಾಯಯುತ ಪಾಲನ್ನು ಹೇಗೆ ಪಡೆಯುತ್ತಿಲ್ಲ ಎಂದು ಪ್ರಶ್ನಿಸಿದರು. ಕೇಂದ್ರ ಸರ್ಕಾರ ಅನುದಾನ ಬಿಡುಗಡೆ ಮಾಡಲು ವಿಳಂಬ ಮಾಡುತ್ತಿರುವುದರ ವಿರುದ್ಧ ನ್ಯಾಯಾಲಯದ ಮೂಲಕ ಹೋರಾಟ ನಡೆಸಬೇಕು ಎಂದು ಕಾನೂನು ಸಚಿವ ಎಚ್.ಕೆ. ಪಾಟೀಲ್ ಹಾಗೂ ಇತರ ಶಾಸಕರು ಸಲಹೆ ನೀಡಿದರು. ಕರ್ನಾಟಕ ವಿಧಾನಸೌಧದಲ್ಲಿ ಶಾಸಕರುಗಳಿಗೆ ಆಯೋಜಿಸಿದ್ದ ಸಭೆಯಲ್ಲಿ, 'ಅಯವ್ಯಯ, ರಾಜ್ಯ ಸಂಸ್ಥೆಗಳ, ಅನುದಾನಗಳ ವರ್ಗೀಕರಣ ಹಾಗೂ ಆಯವ್ಯಯ ಅನುದಾನ ಬಳಕೆ ಮತ್ತು ನಿರ್ವಹಣೆ ಕುರಿತ ಕಾರ್ಯಾಗಾರದಲ್ಲಿ ಮುಖ್ಯಮಂತ್ರಿ ಸಿದ್ದರಾಮಯ್ಯ ಮತ್ತು ಶಾಸಕರು ಭಾಗವಹಿಸಿದ್ದರು. ಸ್ಥಳೀಯ ಸಂಸ್ಥೆಗಳ ಚುನಾವಣೆಗಳು ಸಮೀಪಿಸುತ್ತಿರುವ ಹಿನ್ನೆಲೆಯಲ್ಲಿ ಶಾಸಕರಿಗೆ ನಿಧಿಗಳು ಅಗತ್ಯ" ಎಂದು ಶಾಸಕ ಕೋನರೆಡ್ಡಿ ಅಭಿಪ್ರಾಯಪಟ್ಟರು.
ಇದಕ್ಕೆ ಪ್ರತಿಕ್ರಿಯಿಸಿದ ಸಿದ್ದರಾಮಯ್ಯ, ಜಿಎಸ್‌ಟಿ ಕೌನ್ಸಿಲ್‌ನಲ್ಲಿ ಬಿಜೆಪಿ ಆಡಳಿತದ ರಾಜ್ಯಗಳು ಬಹುಮತದಲ್ಲಿವೆ. ಆದ್ದರಿಂದ ನಾವು ಅನ್ಯಾಯವನ್ನು ಎದುರಿಸುತ್ತಿದ್ದೇವೆ. ಈ ಹಿಂದೆ ಕೂಡ ಕರ್ನಾಟಕ ಬರ ಪರಿಹಾರಕ್ಕಾಗಿ ಸುಪ್ರೀಂ ಕೋರ್ಟ್ ಮೆಟ್ಟಿಲೇರಿ ಜಯ ಸಾಧಿಸಿದ್ದೇವೆ ಎಂದು ನೆನಪಿಸಿದರು. ಎನ್‌ಡಿಎ ಸರ್ಕಾರದ ಅನ್ಯಾಯದ ವಿರುದ್ಧ ಹೋರಾಡುವ ಬಗ್ಗೆ ಮುಂದಿನ ದಿನಗಳಲ್ಲಿ ತೀರ್ಮಾನ ಕೈಗೊಳ್ಳಲಾಗುವುದು ಎಂದರು. ಸಭೆಯಲ್ಲಿ ಶಾಸಕರು ರಾಜ್ಯದ ಅಭಿವೃದ್ಧಿ ಯೋಜನೆಗಳಿಗೆ ಅನುದಾನ ಬಿಡುಗಡೆ ಮಾಡುವಂತೆ ಒತ್ತಾಯಿಸಿದರು. ಕರ್ನಾಟಕದ ಬಜೆಟ್ ಗಾತ್ರ ಹೆಚ್ಚಿದ್ದು ಅತಿಯಾದ ಸಾಲದ ಮೇಲೆ ನಡೆಯುತ್ತಿದೆ ಎಂಬ ಪ್ರತಿಪಕ್ಷದ ಆರೋಪಕ್ಕೆ ಸಿಎಂ ಉತ್ತರಿಸಿದರು.
ಸಾಲು ಕೊರತೆ (ಫಿಸ್ಕಲ್ ಡೆಫಿಸಿಟ್) ರಾಜ್ಯದ ಒಟ್ಟು ದೇಶೀಯ ಉತ್ಪನ್ನದ (ಜಿಎಸ್‌ಡಿಪಿ) 3 ಶೇಕಡಾ ಒಳಗೆ 218 ಲಕ್ಷ ಕೋಟಿ ರೂ ಜಿಎಸ್‌ಡಿಪಿ 25 ಶೇಕಡಾ ಮೀರಬಾರದು ಎಂದು ಅವರು ತಿಳಿಸಿದರು. ಈ ವರ್ಷ ಒಟ್ಟು ಸಾಲವು 1.32 ಲಕ್ಷ ಕೋಟಿ ರೂ. ರಾಜ್ಯದ ಒಟ್ಟು ಸಾಲ 8.24 ಲಕ್ಷ ಕೋಟಿ ರೂ. ಹಣಕಾಸು ಕೊರತೆ ಉಬ್ಬೆಣಿಕೆ 2.94% ಮತ್ತು ಸಾಲವು 24.94% ಆಗಿದೆ. ಹಿಂದಿನ ಬಿಜೆಪಿ ಸರ್ಕಾರದ ಅವಧಿಯಲ್ಲಿ ಸಾಲ ಹೆಚ್ಚಾಗಿತ್ತು ಎಂದರು. ಆದರೆ ಕೇವಲ ಡಿಸೆಂಬರ್‌ಗೆ 19,000 ಕೋಟಿ ರೂಪಾಯಿ ಸಾಲ ಮಾಡಲಾಗಿದೆ. 2ನೇ ಸ್ತಾನದಲ್ಲಿದೆ.
ಅನುದಾನ ಕಡಿಮೆ: ಸಿಎಂ ಸಿದ್ದರಾಮಯ್ಯ ಜಿಎಸ್‌ಟಿ ದರಗಳ ಪುನರ್‌ವ್ಯವಸ್ಥೆಯಿಂದ ಜಿಎಸ್‌ಟಿ ಬೆಳವಣಿಗೆ 10%ರಿಂದ 4%ಕ್ಕೆ ಕುಸಿದಿದೆ. ಜೊತೆಗೆ 2022 ನಂತರ ರಾಜ್ಯಗಳಿಗೆ ನೀಡುತ್ತಿದ್ದ ಜಿಎಸ್‌ಟಿ ಪರಿಹಾರವನ್ನು ನಿಲ್ಲಿಸಲಾಗಿದೆ ಹಾಗೂ ಕೇಂದ್ರದ ಯೋಜನೆಗಳಿಗೆ ರಾಜ್ಯ ಪಾಲನ್ನು ಕಡಿಮೆ ಮಾಡಲಾಗಿದೆ ಎಂದು ಅವರು ಹೇಳಿದರು. ಮನಮೋಹನ್ ಸಿಂಗ್ ಸರ್ಕಾರದ ಸಮಯದಲ್ಲಿ ಕೇಂದ್ರದ ಸಾಲ 53 ಲಕ್ಷ ಕೋಟಿ ರೂಪಾಯಿ ಇತ್ತು. ಮೋದಿ ಸರ್ಕಾರದಲ್ಲಿ ಅದು 218 ಲಕ್ಷ ಕೋಟಿಗೆ ಏರಿಕೆಯಾಗಿದೆ. ರಾಜ್ಯದ ಸಾಲ 165 ಲಕ್ಷ ಕೋಟಿಯ 24.94% ಆಗಿದೆ ಎಂದು ಸಿದ್ದರಾಮಯ್ಯ ತಿಳಿಸಿದರು. 2022ರಲ್ಲಿ ರಾಜ್ಯದ ಸಾಲ 2.45 ಲಕ್ಷ ಕೋಟಿ ರೂಪಾಯಿ ಇದ್ದದ್ದು 2023ರ ವೇಳೆಗೆ 5.22 ಲಕ್ಷ ಕೋಟಿ ಆಗಿದೆ. ಡಾ. ರಂಗನಾಥ್ ಅವರು ಶಾಸಕರಿಗೆ ನಿಧಿ ಒದಗಿಸಲು ಇನ್ನಷ್ಟು ಸಾಲ ಪಡೆಯಬೇಕು ಎಂದರು.
ಸಾಧ್ಯತೆಯನ್ನು ಪರಿಶೀಲಿಸಬೇಕು ಎಂದು ಸಲಹೆ ನೀಡಿದರು. ಕೋವಿಡ್ ಮಹಾಮಾರಿಯ ಸಮಯದಲ್ಲಿ ಬಿಜೆಪಿ ಸರ್ಕಾರವು ಸಾಲ ಮಿತಿಯನ್ನು ಮೀರಿತ್ತು ಎಂದು ಆರೋಪಿಸಿದರು. ಇದರಿಂದ ರಾಜ್ಯವು ಬಿಕ್ಕಟ್ಟಿಗೆ ಸಿಲುಕಿತ್ತು. ಪ್ರಸ್ತುತ ರಾಜ್ಯವು ನಿರ್ದಿಷ್ಟ ಮಿತಿಯೊಳಗೆ ಸಾಲ ಪಡೆಯುತ್ತಿದೆ. ಕರ್ನಾಟಕದ ಜಿಎಸ್‌ಡಿಪಿ ಬೆಳವಣಿಗೆ ದರವು 8.1% ಎಂದು ಅಂದಾಜಿಸಲಾಗಿದ್ದು, ಇದು ರಾಷ್ಟ್ರೀಯ ಬೆಳವಣಿಗೆ ದರವಾದ 7.4%ಗಿಂತ ಹೆಚ್ಚಾಗಿದೆ ಎಂದು ಮುಖ್ಯಮಂತ್ರಿ ಹೇಳಿದರು. VB-G RAM G ಯೋಜನೆಗೆ ಅನುದಾನ ನೀಡದ ಸರ್ಕಾರ: ಅರ್ಥವ್ಯವಸ್ಥೆ ಬಗ್ಗೆ ಅವರು ಪ್ರಶ್ನೆ ಮಾಡಿದ್ದಾರೆ. ಕೇಂದ್ರದಿಂದ ತೆರಿಗೆ ಹಂಚಿಕೆ ಕಡಿಮೆಯಾಗಿರುವ ಕುರಿತು ಮಾತನಾಡಿದ ಅವರು, 14ನೇ ಹಣಕಾಸು ಆಯೋಗದ ವೇಳೆ ನಮಗೆ 4.7% ಪಾಲು ಸಿಕ್ಕಿತ್ತು. ಅದು ಈಗ 3.6% ಹಾಗೂ 4.13%ಕ್ಕೆ ಇಳಿದಿದೆ. ನಾವು 4.5 ಲಕ್ಷ ಕೋಟಿ ರೂಪಾಯಿ ತೆರಿಗೆ ನೀಡಿದ್ದರೂ ಈ ವರ್ಷ ಕೇವಲ 60,000 ಕೋಟಿ ರೂಪಾಯಿ ಮಾತ್ರ ವಾಪಸ್ ಸಿಕ್ಕಿದೆ. ನಾವು ಕಳುಹಿಸಿದ 1 ರೂಪಾಯಿಗೆ ಕೇವಲ 15 ಪೈಸೆ ಮಾತ್ರ ಮರಳಿ ಸಿಗುತ್ತದೆ ಎಂದರು. ಜನರ ಕಲ್ಯಾಣಕ್ಕೆ ಸಾಲ ಪಡೆಯುವುದು ನಮ್ಮ ಕರ್ತವ್ಯ ಎಂದು ಅವರು ಹೇಳಿದರು.
